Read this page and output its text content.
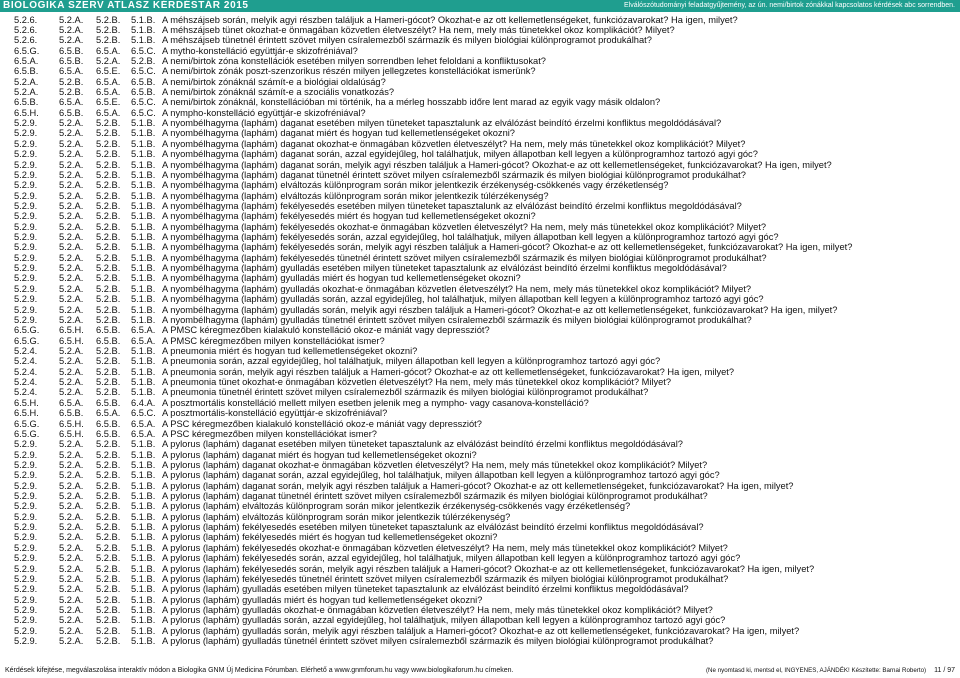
BIOLOGIKA SZERV ATLASZ KÉRDÉSTÁR 2015	Elválószótudományi feladatgyűjtemény, az ún. nemi/birtok zónákkal kapcsolatos kérdések abc sorrendben.
5.2.6. 5.2.A. 5.2.B. 5.1.B. A méhszájseb során, melyik agyi részben találjuk a Hameri-gócot? Okozhat-e az ott kellemetlenségeket, funkciózavarokat? Ha igen, milyet?
5.2.6. 5.2.A. 5.2.B. 5.1.B. A méhszájseb tünet okozhat-e önmagában közvetlen életveszélyt? Ha nem, mely más tünetekkel okoz komplikációt? Milyet?
5.2.6. 5.2.A. 5.2.B. 5.1.B. A méhszájseb tünetnél érintett szövet milyen csíralemezből származik és milyen biológiai különprogramot produkálhat?
6.5.G. 6.5.B. 6.5.A. 6.5.C. A mytho-konstelláció együttjár-e skizofréniával?
6.5.A. 6.5.B. 5.2.A. 5.2.B. A nemi/birtok zóna konstellációk esetében milyen sorrendben lehet feloldani a konfliktusokat?
6.5.B. 6.5.A. 6.5.E. 6.5.C. A nemi/birtok zónák poszt-szenzorikus részén milyen jellegzetes konstellációkat ismerünk?
5.2.A. 5.2.B. 6.5.A. 6.5.B. A nemi/birtok zónáknál számít-e a biológiai oldalúság?
5.2.A. 5.2.B. 6.5.A. 6.5.B. A nemi/birtok zónáknál számít-e a szociális vonatkozás?
6.5.B. 6.5.A. 6.5.E. 6.5.C. A nemi/birtok zónáknál, konstellációban mi történik, ha a mérleg hosszabb időre lent marad az egyik vagy másik oldalon?
6.5.H. 6.5.B. 6.5.A. 6.5.C. A nympho-konstelláció együttjár-e skizofréniával?
5.2.9. 5.2.A. 5.2.B. 5.1.B. A nyombélhagyma (laphám) daganat esetében milyen tüneteket tapasztalunk az elválózást beindító érzelmi konfliktus megoldódásával?
5.2.9. 5.2.A. 5.2.B. 5.1.B. A nyombélhagyma (laphám) daganat miért és hogyan tud kellemetlenségeket okozni?
5.2.9. 5.2.A. 5.2.B. 5.1.B. A nyombélhagyma (laphám) daganat okozhat-e önmagában közvetlen életveszélyt? Ha nem, mely más tünetekkel okoz komplikációt? Milyet?
5.2.9. 5.2.A. 5.2.B. 5.1.B. A nyombélhagyma (laphám) daganat során, azzal egyidejűleg, hol találhatjuk, milyen állapotban kell legyen a különprogramhoz tartozó agyi góc?
5.2.9. 5.2.A. 5.2.B. 5.1.B. A nyombélhagyma (laphám) daganat során, melyik agyi részben találjuk a Hameri-gócot? Okozhat-e az ott kellemetlenségeket, funkciózavarokat? Ha igen, milyet?
5.2.9. 5.2.A. 5.2.B. 5.1.B. A nyombélhagyma (laphám) daganat tünetnél érintett szövet milyen csíralemezből származik és milyen biológiai különprogramot produkálhat?
5.2.9. 5.2.A. 5.2.B. 5.1.B. A nyombélhagyma (laphám) elváltozás különprogram során mikor jelentkezik érzékenység-csökkenés vagy érzéketlenség?
5.2.9. 5.2.A. 5.2.B. 5.1.B. A nyombélhagyma (laphám) elváltozás különprogram során mikor jelentkezik túlérzékenység?
5.2.9. 5.2.A. 5.2.B. 5.1.B. A nyombélhagyma (laphám) fekélyesedés esetében milyen tüneteket tapasztalunk az elválózást beindító érzelmi konfliktus megoldódásával?
5.2.9. 5.2.A. 5.2.B. 5.1.B. A nyombélhagyma (laphám) fekélyesedés miért és hogyan tud kellemetlenségeket okozni?
5.2.9. 5.2.A. 5.2.B. 5.1.B. A nyombélhagyma (laphám) fekélyesedés okozhat-e önmagában közvetlen életveszélyt? Ha nem, mely más tünetekkel okoz komplikációt? Milyet?
5.2.9. 5.2.A. 5.2.B. 5.1.B. A nyombélhagyma (laphám) fekélyesedés során, azzal egyidejűleg, hol találhatjuk, milyen állapotban kell legyen a különprogramhoz tartozó agyi góc?
5.2.9. 5.2.A. 5.2.B. 5.1.B. A nyombélhagyma (laphám) fekélyesedés során, melyik agyi részben találjuk a Hameri-gócot? Okozhat-e az ott kellemetlenségeket, funkciózavarokat? Ha igen, milyet?
5.2.9. 5.2.A. 5.2.B. 5.1.B. A nyombélhagyma (laphám) fekélyesedés tünetnél érintett szövet milyen csíralemezből származik és milyen biológiai különprogramot produkálhat?
5.2.9. 5.2.A. 5.2.B. 5.1.B. A nyombélhagyma (laphám) gyulladás esetében milyen tüneteket tapasztalunk az elválózást beindító érzelmi konfliktus megoldódásával?
5.2.9. 5.2.A. 5.2.B. 5.1.B. A nyombélhagyma (laphám) gyulladás miért és hogyan tud kellemetlenségeket okozni?
5.2.9. 5.2.A. 5.2.B. 5.1.B. A nyombélhagyma (laphám) gyulladás okozhat-e önmagában közvetlen életveszélyt? Ha nem, mely más tünetekkel okoz komplikációt? Milyet?
5.2.9. 5.2.A. 5.2.B. 5.1.B. A nyombélhagyma (laphám) gyulladás során, azzal egyidejűleg, hol találhatjuk, milyen állapotban kell legyen a különprogramhoz tartozó agyi góc?
5.2.9. 5.2.A. 5.2.B. 5.1.B. A nyombélhagyma (laphám) gyulladás során, melyik agyi részben találjuk a Hameri-gócot? Okozhat-e az ott kellemetlenségeket, funkciózavarokat? Ha igen, milyet?
5.2.9. 5.2.A. 5.2.B. 5.1.B. A nyombélhagyma (laphám) gyulladás tünetnél érintett szövet milyen csíralemezből származik és milyen biológiai különprogramot produkálhat?
6.5.G. 6.5.H. 6.5.B. 6.5.A. A PMSC kéregmezőben kialakuló konstelláció okoz-e mániát vagy depressziót?
6.5.G. 6.5.H. 6.5.B. 6.5.A. A PMSC kéregmezőben milyen konstellációkat ismer?
5.2.4. 5.2.A. 5.2.B. 5.1.B. A pneumonia miért és hogyan tud kellemetlenségeket okozni?
5.2.4. 5.2.A. 5.2.B. 5.1.B. A pneumonia során, azzal egyidejűleg, hol találhatjuk, milyen állapotban kell legyen a különprogramhoz tartozó agyi góc?
5.2.4. 5.2.A. 5.2.B. 5.1.B. A pneumonia során, melyik agyi részben találjuk a Hameri-gócot? Okozhat-e az ott kellemetlenségeket, funkciózavarokat? Ha igen, milyet?
5.2.4. 5.2.A. 5.2.B. 5.1.B. A pneumonia tünet okozhat-e önmagában közvetlen életveszélyt? Ha nem, mely más tünetekkel okoz komplikációt? Milyet?
5.2.4. 5.2.A. 5.2.B. 5.1.B. A pneumonia tünetnél érintett szövet milyen csíralemezből származik és milyen biológiai különprogramot produkálhat?
6.5.H. 6.5.A. 6.5.B. 6.4.A. A posztmortális konstelláció mellett milyen esetben jelenik meg a nympho- vagy casanova-konstelláció?
6.5.H. 6.5.B. 6.5.A. 6.5.C. A posztmortális-konstelláció együttjár-e skizofréniával?
6.5.G. 6.5.H. 6.5.B. 6.5.A. A PSC kéregmezőben kialakuló konstelláció okoz-e mániát vagy depressziót?
6.5.G. 6.5.H. 6.5.B. 6.5.A. A PSC kéregmezőben milyen konstellációkat ismer?
5.2.9. 5.2.A. 5.2.B. 5.1.B. A pylorus (laphám) daganat esetében milyen tüneteket tapasztalunk az elválózást beindító érzelmi konfliktus megoldódásával?
5.2.9. 5.2.A. 5.2.B. 5.1.B. A pylorus (laphám) daganat miért és hogyan tud kellemetlenségeket okozni?
5.2.9. 5.2.A. 5.2.B. 5.1.B. A pylorus (laphám) daganat okozhat-e önmagában közvetlen életveszélyt? Ha nem, mely más tünetekkel okoz komplikációt? Milyet?
5.2.9. 5.2.A. 5.2.B. 5.1.B. A pylorus (laphám) daganat során, azzal egyidejűleg, hol találhatjuk, milyen állapotban kell legyen a különprogramhoz tartozó agyi góc?
5.2.9. 5.2.A. 5.2.B. 5.1.B. A pylorus (laphám) daganat során, melyik agyi részben találjuk a Hameri-gócot? Okozhat-e az ott kellemetlenségeket, funkciózavarokat? Ha igen, milyet?
5.2.9. 5.2.A. 5.2.B. 5.1.B. A pylorus (laphám) daganat tünetnél érintett szövet milyen csíralemezből származik és milyen biológiai különprogramot produkálhat?
5.2.9. 5.2.A. 5.2.B. 5.1.B. A pylorus (laphám) elváltozás különprogram során mikor jelentkezik érzékenység-csökkenés vagy érzéketlenség?
5.2.9. 5.2.A. 5.2.B. 5.1.B. A pylorus (laphám) elváltozás különprogram során mikor jelentkezik túlérzékenység?
5.2.9. 5.2.A. 5.2.B. 5.1.B. A pylorus (laphám) fekélyesedés esetében milyen tüneteket tapasztalunk az elválózást beindító érzelmi konfliktus megoldódásával?
5.2.9. 5.2.A. 5.2.B. 5.1.B. A pylorus (laphám) fekélyesedés miért és hogyan tud kellemetlenségeket okozni?
5.2.9. 5.2.A. 5.2.B. 5.1.B. A pylorus (laphám) fekélyesedés okozhat-e önmagában közvetlen életveszélyt? Ha nem, mely más tünetekkel okoz komplikációt? Milyet?
5.2.9. 5.2.A. 5.2.B. 5.1.B. A pylorus (laphám) fekélyesedés során, azzal egyidejűleg, hol találhatjuk, milyen állapotban kell legyen a különprogramhoz tartozó agyi góc?
5.2.9. 5.2.A. 5.2.B. 5.1.B. A pylorus (laphám) fekélyesedés során, melyik agyi részben találjuk a Hameri-gócot? Okozhat-e az ott kellemetlenségeket, funkciózavarokat? Ha igen, milyet?
5.2.9. 5.2.A. 5.2.B. 5.1.B. A pylorus (laphám) fekélyesedés tünetnél érintett szövet milyen csíralemezből származik és milyen biológiai különprogramot produkálhat?
5.2.9. 5.2.A. 5.2.B. 5.1.B. A pylorus (laphám) gyulladás esetében milyen tüneteket tapasztalunk az elválózást beindító érzelmi konfliktus megoldódásával?
5.2.9. 5.2.A. 5.2.B. 5.1.B. A pylorus (laphám) gyulladás miért és hogyan tud kellemetlenségeket okozni?
5.2.9. 5.2.A. 5.2.B. 5.1.B. A pylorus (laphám) gyulladás okozhat-e önmagában közvetlen életveszélyt? Ha nem, mely más tünetekkel okoz komplikációt? Milyet?
5.2.9. 5.2.A. 5.2.B. 5.1.B. A pylorus (laphám) gyulladás során, azzal egyidejűleg, hol találhatjuk, milyen állapotban kell legyen a különprogramhoz tartozó agyi góc?
5.2.9. 5.2.A. 5.2.B. 5.1.B. A pylorus (laphám) gyulladás során, melyik agyi részben találjuk a Hameri-gócot? Okozhat-e az ott kellemetlenségeket, funkciózavarokat? Ha igen, milyet?
5.2.9. 5.2.A. 5.2.B. 5.1.B. A pylorus (laphám) gyulladás tünetnél érintett szövet milyen csíralemezből származik és milyen biológiai különprogramot produkálhat?
Kérdések kifejtése, megválaszolása interaktív módon a Biologika GNM Új Medicina Fórumban. Elérhető a www.gnmforum.hu vagy www.biologikaforum.hu címeken.	(Ne nyomtasd ki, mentsd el, INGYENES, AJÁNDÉK! Készítette: Barnai Roberto) 11 / 97
